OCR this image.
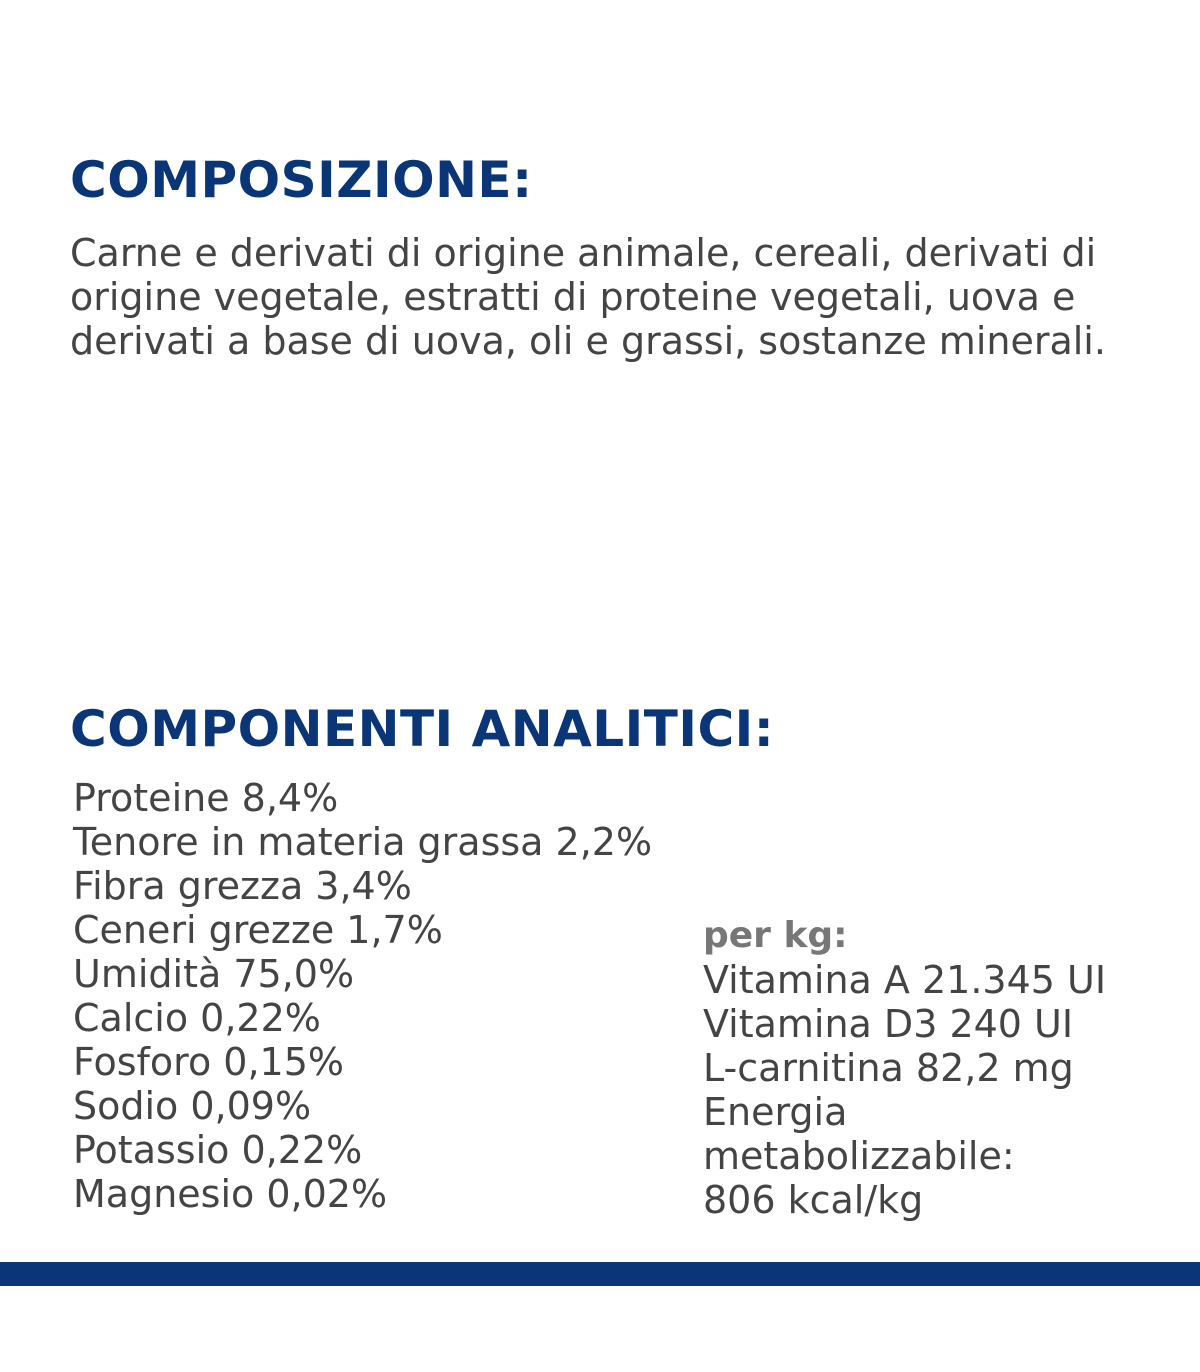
COMPOSIZIONE:

Carne e derivati di origine animale, cereali, derivati di origine vegetale, estratti di proteine vegetali, uova e derivati a base di uova, oli e grassi, sostanze minerali.

COMPONENTI ANALITICI:
Proteine 8,4%
Tenore in materia grassa 2,2%
Fibra grezza 3,4%
Ceneri grezze 1,7%
Umidità 75,0%
Calcio 0,22%
Fosforo 0,15%
Sodio 0,09%
Potassio 0,22%
Magnesio 0,02%
per kg:
Vitamina A 21.345 UI
Vitamina D3 240 UI
L-carnitina 82,2 mg
Energia
metabolizzabile:
806 kcal/kg
